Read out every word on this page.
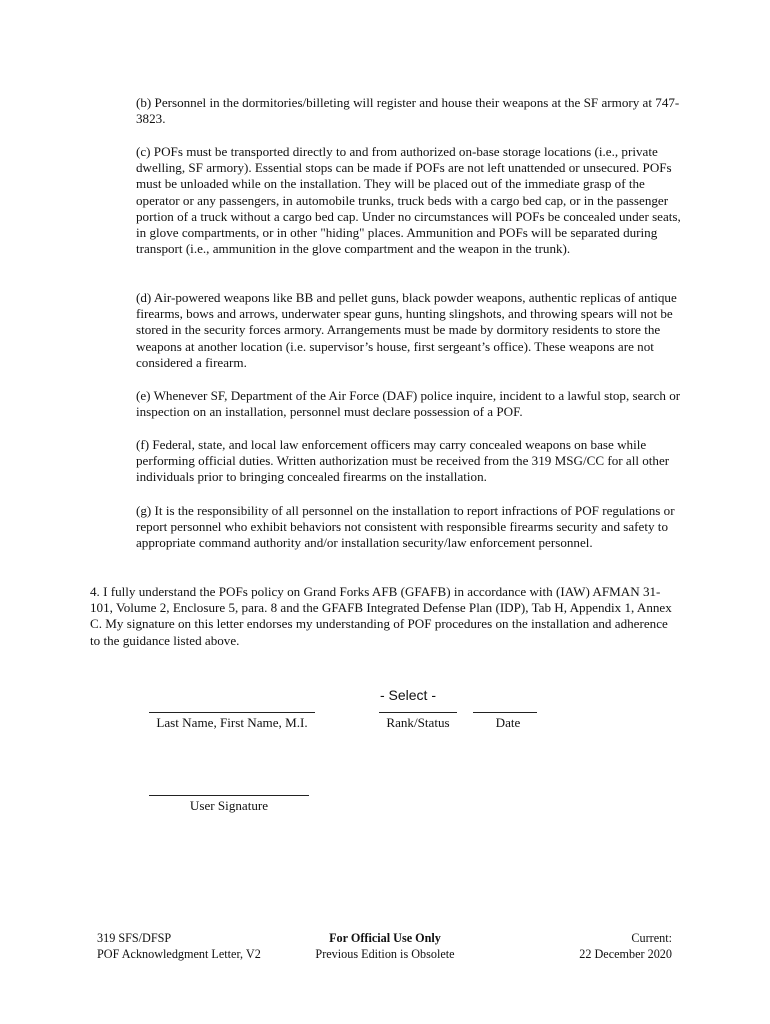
(b) Personnel in the dormitories/billeting will register and house their weapons at the SF armory at 747-3823.

(c) POFs must be transported directly to and from authorized on-base storage locations (i.e., private dwelling, SF armory). Essential stops can be made if POFs are not left unattended or unsecured. POFs must be unloaded while on the installation. They will be placed out of the immediate grasp of the operator or any passengers, in automobile trunks, truck beds with a cargo bed cap, or in the passenger portion of a truck without a cargo bed cap. Under no circumstances will POFs be concealed under seats, in glove compartments, or in other "hiding" places. Ammunition and POFs will be separated during transport (i.e., ammunition in the glove compartment and the weapon in the trunk).

(d) Air-powered weapons like BB and pellet guns, black powder weapons, authentic replicas of antique firearms, bows and arrows, underwater spear guns, hunting slingshots, and throwing spears will not be stored in the security forces armory. Arrangements must be made by dormitory residents to store the weapons at another location (i.e. supervisor’s house, first sergeant’s office). These weapons are not considered a firearm.

(e) Whenever SF, Department of the Air Force (DAF) police inquire, incident to a lawful stop, search or inspection on an installation, personnel must declare possession of a POF.

(f) Federal, state, and local law enforcement officers may carry concealed weapons on base while performing official duties. Written authorization must be received from the 319 MSG/CC for all other individuals prior to bringing concealed firearms on the installation.

(g) It is the responsibility of all personnel on the installation to report infractions of POF regulations or report personnel who exhibit behaviors not consistent with responsible firearms security and safety to appropriate command authority and/or installation security/law enforcement personnel.

4. I fully understand the POFs policy on Grand Forks AFB (GFAFB) in accordance with (IAW) AFMAN 31-101, Volume 2, Enclosure 5, para. 8 and the GFAFB Integrated Defense Plan (IDP), Tab H, Appendix 1, Annex C. My signature on this letter endorses my understanding of POF procedures on the installation and adherence to the guidance listed above.

- Select -
Last Name, First Name, M.I.	Rank/Status	Date
User Signature
319 SFS/DFSP
POF Acknowledgment Letter, V2
For Official Use Only
Previous Edition is Obsolete
Current:
22 December 2020
